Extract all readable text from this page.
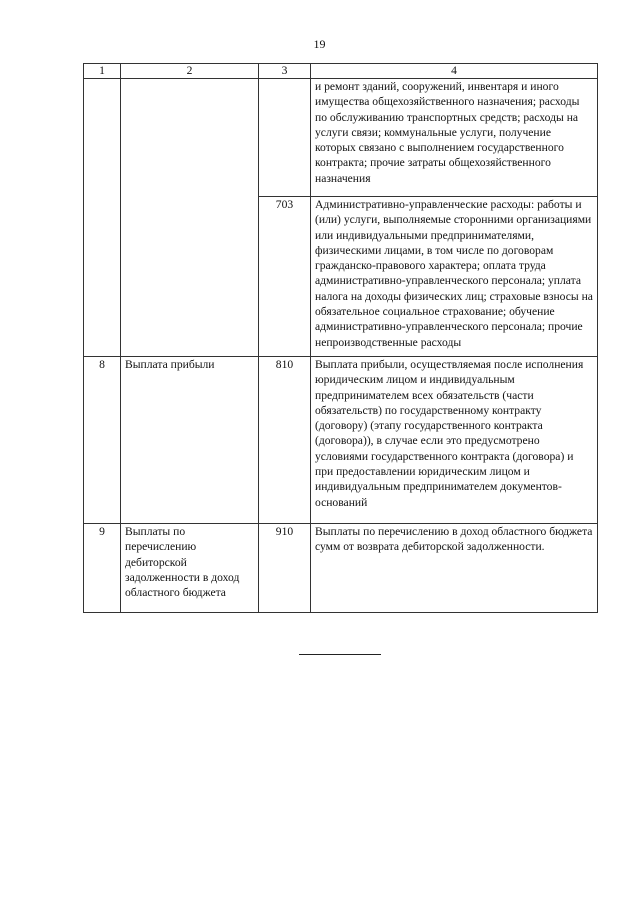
19
1	2	3	4
			и ремонт зданий, сооружений, инвентаря и иного имущества общехозяйственного назначения; расходы по обслуживанию транспортных средств; расходы на услуги связи; коммунальные услуги, получение которых связано с выполнением государственного контракта; прочие затраты общехозяйственного назначения
		703	Административно-управленческие расходы: работы и (или) услуги, выполняемые сторонними организациями или индивидуальными предпринимателями, физическими лицами, в том числе по договорам гражданско-правового характера; оплата труда административно-управленческого персонала; уплата налога на доходы физических лиц; страховые взносы на обязательное социальное страхование; обучение административно-управленческого персонала; прочие непроизводственные расходы
8	Выплата прибыли	810	Выплата прибыли, осуществляемая после исполнения юридическим лицом и индивидуальным предпринимателем всех обязательств (части обязательств) по государственному контракту (договору) (этапу государственного контракта (договора)), в случае если это предусмотрено условиями государственного контракта (договора) и при предоставлении юридическим лицом и индивидуальным предпринимателем документов-оснований
9	Выплаты по перечислению дебиторской задолженности в доход областного бюджета	910	Выплаты по перечислению в доход областного бюджета сумм от возврата дебиторской задолженности.
